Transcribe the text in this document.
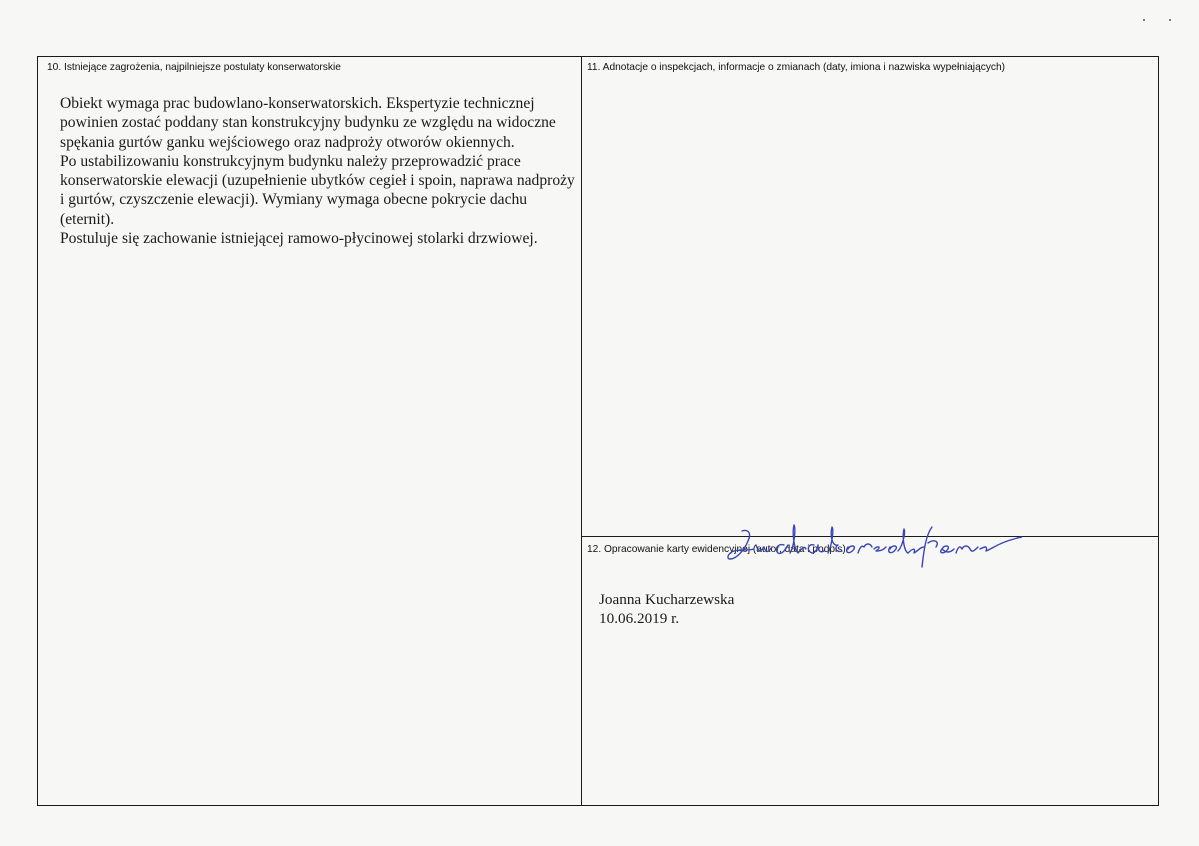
10. Istniejące zagrożenia, najpilniejsze postulaty konserwatorskie

Obiekt wymaga prac budowlano-konserwatorskich. Ekspertyzie technicznej powinien zostać poddany stan konstrukcyjny budynku ze względu na widoczne spękania gurtów ganku wejściowego oraz nadproży otworów okiennych.

Po ustabilizowaniu konstrukcyjnym budynku należy przeprowadzić prace konserwatorskie elewacji (uzupełnienie ubytków cegieł i spoin, naprawa nadproży i gurtów, czyszczenie elewacji). Wymiany wymaga obecne pokrycie dachu (eternit).

Postuluje się zachowanie istniejącej ramowo-płycinowej stolarki drzwiowej.

11. Adnotacje o inspekcjach, informacje o zmianach (daty, imiona i nazwiska wypełniających)
12. Opracowanie karty ewidencyjnej (autor, data i podpis)
Joanna Kucharzewska
10.06.2019 r.
